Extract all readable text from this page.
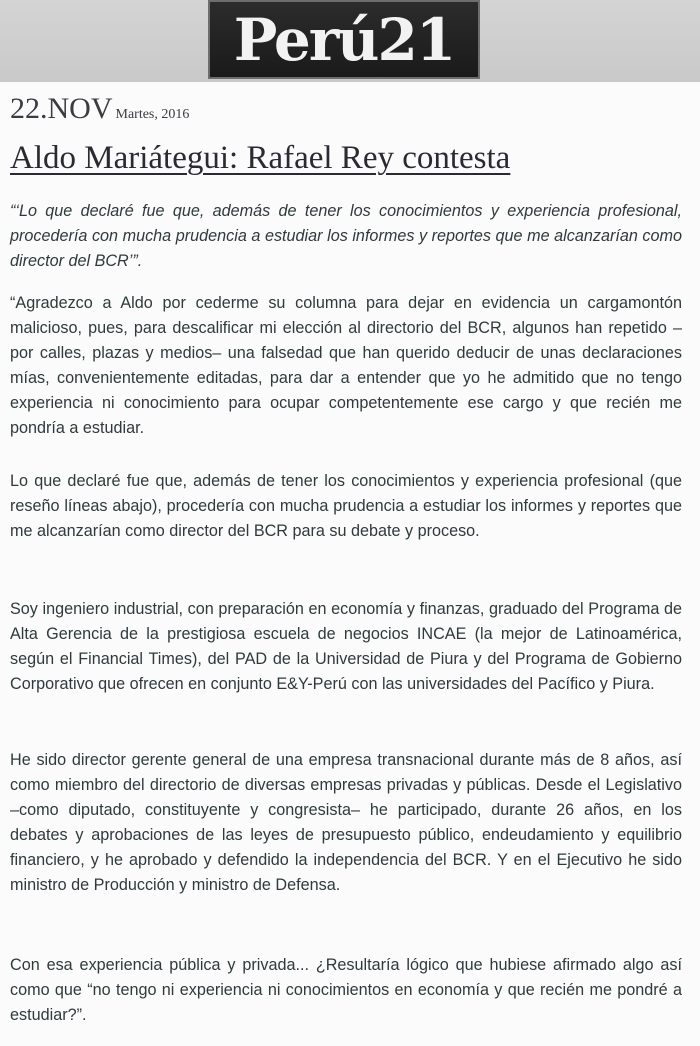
Perú21
22.NOV Martes, 2016
Aldo Mariátegui: Rafael Rey contesta

“‘Lo que declaré fue que, además de tener los conocimientos y experiencia profesional, procedería con mucha prudencia a estudiar los informes y reportes que me alcanzarían como director del BCR’”.

“Agradezco a Aldo por cederme su columna para dejar en evidencia un cargamontón malicioso, pues, para descalificar mi elección al directorio del BCR, algunos han repetido –por calles, plazas y medios– una falsedad que han querido deducir de unas declaraciones mías, convenientemente editadas, para dar a entender que yo he admitido que no tengo experiencia ni conocimiento para ocupar competentemente ese cargo y que recién me pondría a estudiar.

Lo que declaré fue que, además de tener los conocimientos y experiencia profesional (que reseño líneas abajo), procedería con mucha prudencia a estudiar los informes y reportes que me alcanzarían como director del BCR para su debate y proceso.

Soy ingeniero industrial, con preparación en economía y finanzas, graduado del Programa de Alta Gerencia de la prestigiosa escuela de negocios INCAE (la mejor de Latinoamérica, según el Financial Times), del PAD de la Universidad de Piura y del Programa de Gobierno Corporativo que ofrecen en conjunto E&Y-Perú con las universidades del Pacífico y Piura.

He sido director gerente general de una empresa transnacional durante más de 8 años, así como miembro del directorio de diversas empresas privadas y públicas. Desde el Legislativo –como diputado, constituyente y congresista– he participado, durante 26 años, en los debates y aprobaciones de las leyes de presupuesto público, endeudamiento y equilibrio financiero, y he aprobado y defendido la independencia del BCR. Y en el Ejecutivo he sido ministro de Producción y ministro de Defensa.

Con esa experiencia pública y privada... ¿Resultaría lógico que hubiese afirmado algo así como que “no tengo ni experiencia ni conocimientos en economía y que recién me pondré a estudiar?”.
